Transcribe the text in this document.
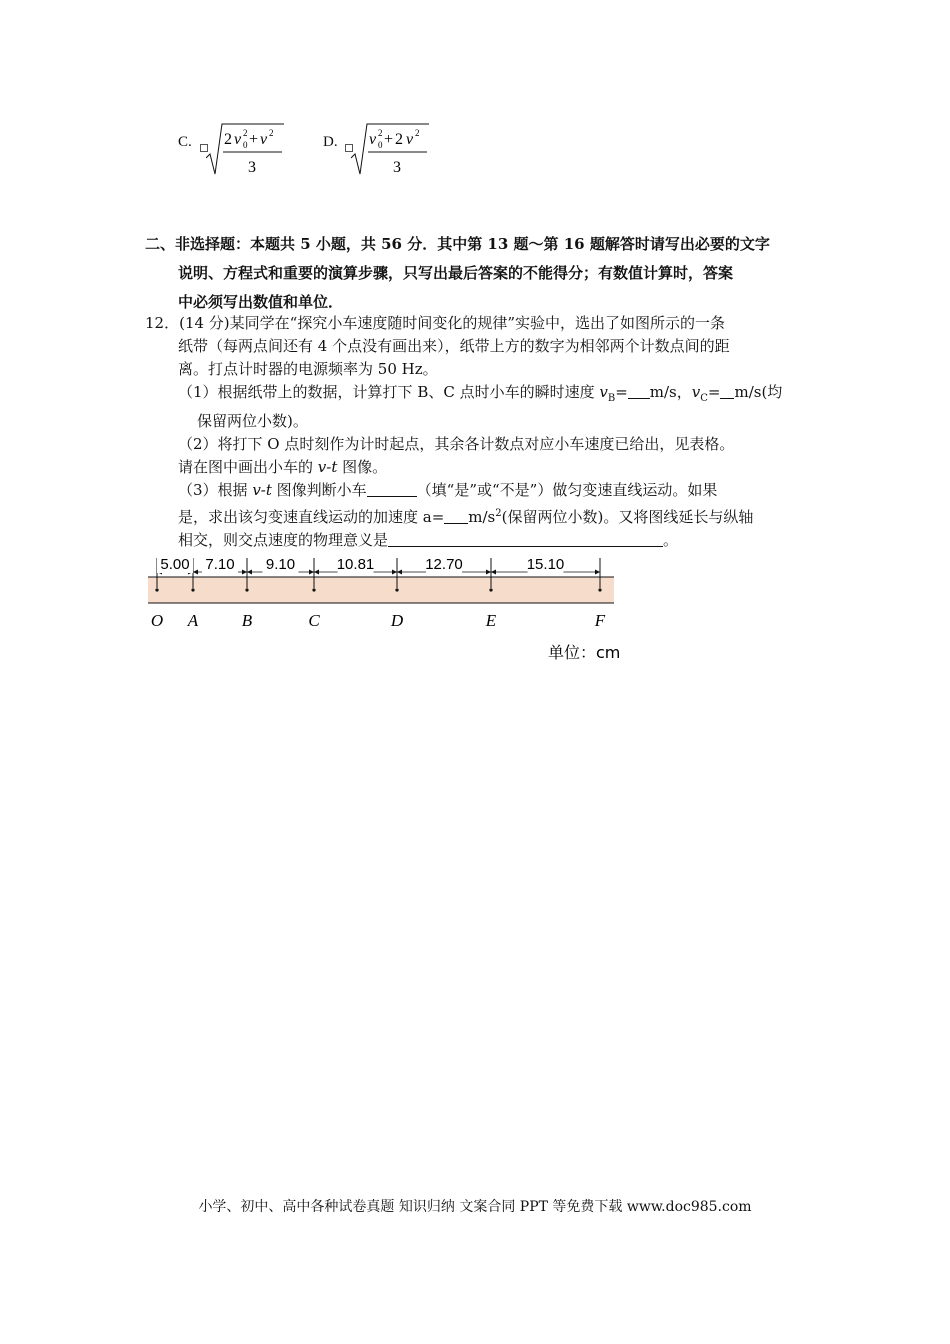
C. 2 v 0
2 + v 2
3
D. v 0
2 + 2 v 2
3
二、非选择题：本题共 5 小题，共 56 分．其中第 13 题～第 16 题解答时请写出必要的文字
说明、方程式和重要的演算步骤，只写出最后答案的不能得分；有数值计算时，答案
中必须写出数值和单位．
12．(14 分)某同学在“探究小车速度随时间变化的规律”实验中，选出了如图所示的一条
纸带（每两点间还有 4 个点没有画出来），纸带上方的数字为相邻两个计数点间的距
离。打点计时器的电源频率为 50 Hz。
（1）根据纸带上的数据，计算打下 B、C 点时小车的瞬时速度 $v_B= m/s$，$v_C= m/s$(均
保留两位小数)。
（2）将打下 O 点时刻作为计时起点，其余各计数点对应小车速度已给出，见表格。
请在图中画出小车的 v-t 图像。
（3）根据 v-t 图像判断小车	（填“是”或“不是”）做匀变速直线运动。如果
是，求出该匀变速直线运动的加速度 $a= m/s^2$(保留两位小数)。又将图线延长与纵轴
相交，则交点速度的物理意义是	。
O A	B	C	D	E	F
5.00 7.10 9.10	10.81	12.70	15.10
单位：cm
小学、初中、高中各种试卷真题 知识归纳 文案合同 PPT 等免费下载 www.doc985.com
